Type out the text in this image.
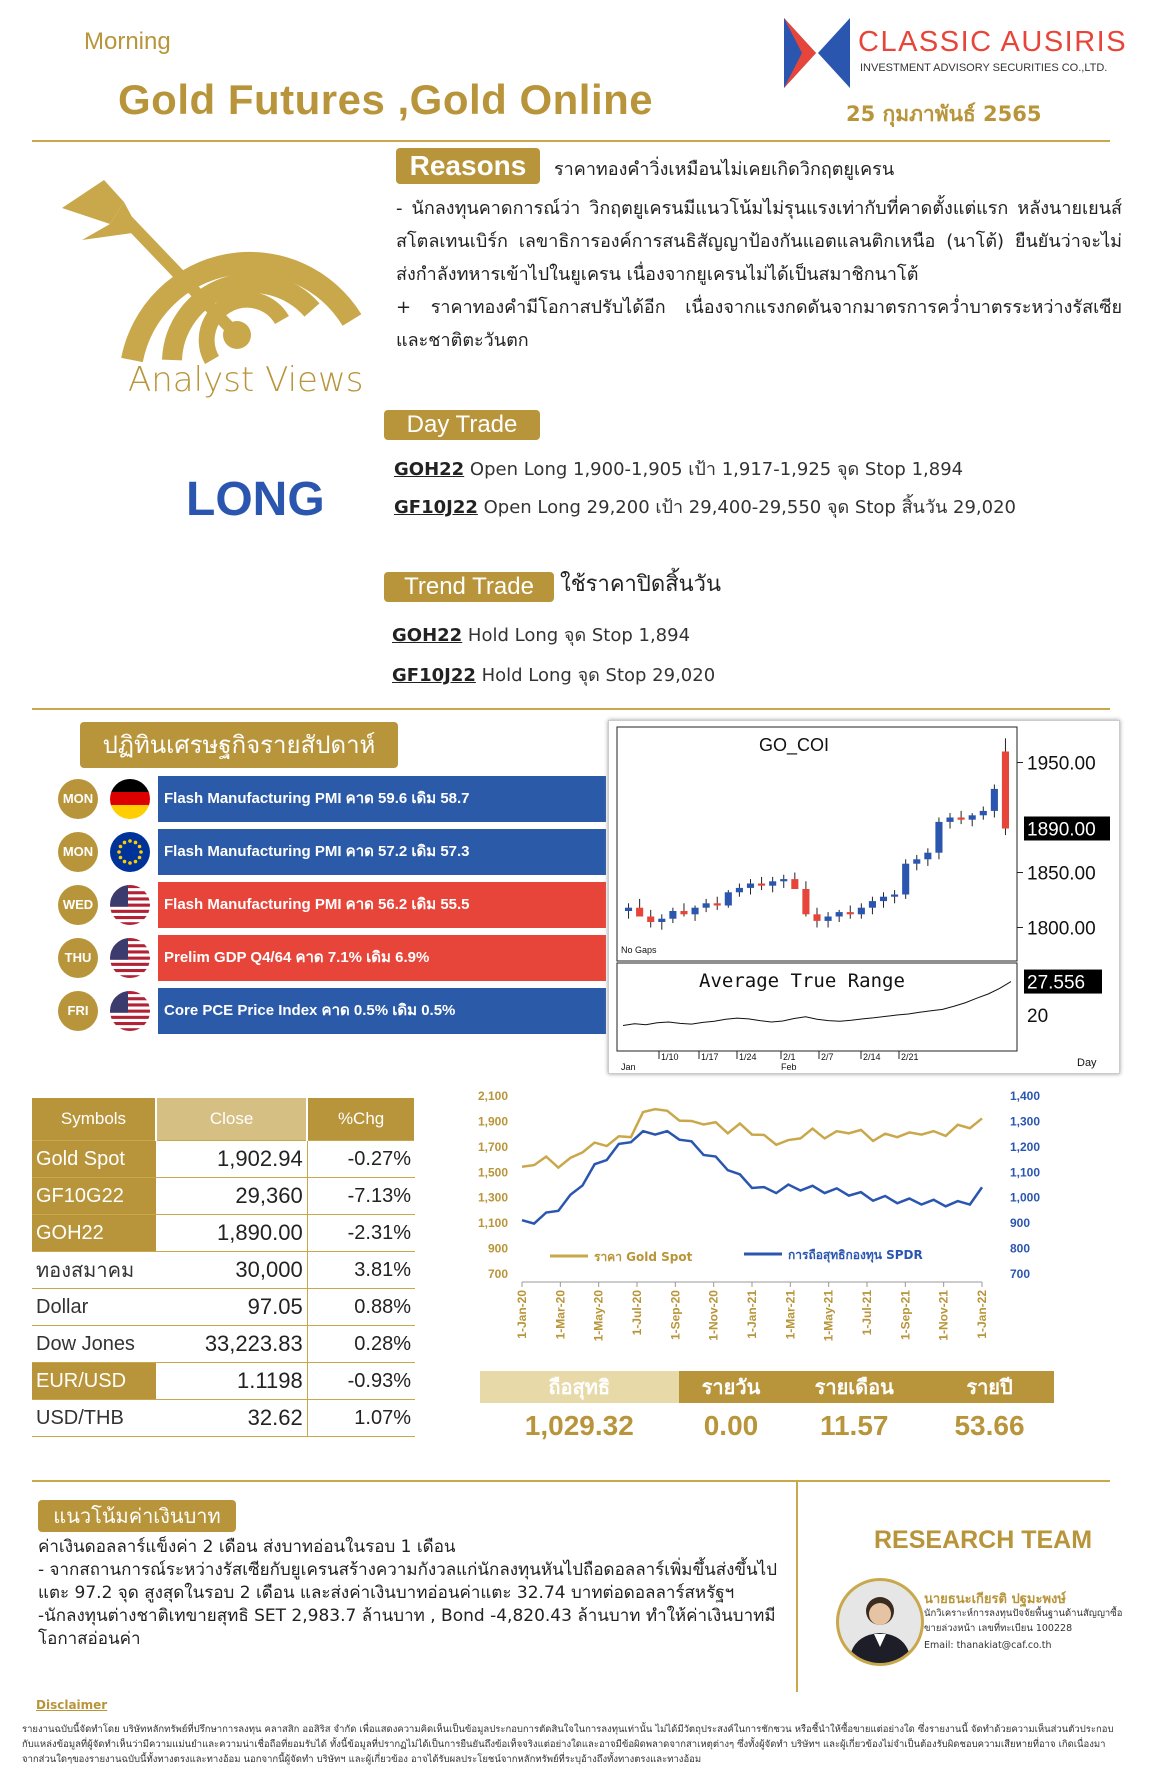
Morning
Gold Futures ,Gold Online
CLASSIC AUSIRIS
INVESTMENT ADVISORY SECURITIES CO.,LTD.
25 กุมภาพันธ์ 2565
Analyst Views
LONG
Reasons	ราคาทองคำวิ่งเหมือนไม่เคยเกิดวิกฤตยูเครน
- นักลงทุนคาดการณ์ว่า วิกฤตยูเครนมีแนวโน้มไม่รุนแรงเท่ากับที่คาดตั้งแต่แรก หลังนายเยนส์ สโตลเทนเบิร์ก เลขาธิการองค์การสนธิสัญญาป้องกันแอตแลนติกเหนือ (นาโต้) ยืนยันว่าจะไม่ส่งกำลังทหารเข้าไปในยูเครน เนื่องจากยูเครนไม่ได้เป็นสมาชิกนาโต้
+ ราคาทองคำมีโอกาสปรับได้อีก เนื่องจากแรงกดดันจากมาตรการคว่ำบาตรระหว่างรัสเซียและชาติตะวันตก
Day Trade
GOH22 Open Long 1,900-1,905 เป้า 1,917-1,925 จุด Stop 1,894
GF10J22 Open Long 29,200 เป้า 29,400-29,550 จุด Stop สิ้นวัน 29,020
Trend Trade	ใช้ราคาปิดสิ้นวัน
GOH22 Hold Long จุด Stop 1,894
GF10J22 Hold Long จุด Stop 29,020
ปฏิทินเศรษฐกิจรายสัปดาห์
MON	Flash Manufacturing PMI คาด 59.6 เดิม 58.7
MON	Flash Manufacturing PMI คาด 57.2 เดิม 57.3
WED	Flash Manufacturing PMI คาด 56.2 เดิม 55.5
THU	Prelim GDP Q4/64 คาด 7.1% เดิม 6.9%
FRI	Core PCE Price Index คาด 0.5% เดิม 0.5%
GO_COI
No Gaps
1950.00
1850.00
1800.00
1890.00
Average True Range	27.556
20
1/10 1/17 1/24	2/1	2/7	2/14 2/21
Jan	Feb	Day
Symbols	Close	%Chg
Gold Spot	1,902.94	-0.27%
GF10G22	29,360	-7.13%
GOH22	1,890.00	-2.31%
ทองสมาคม	30,000	3.81%
Dollar	97.05	0.88%
Dow Jones	33,223.83	0.28%
EUR/USD	1.1198	-0.93%
USD/THB	32.62	1.07%
2,100
1,900
1,700
1,500
1,300
1,100
900
700
1,400
1,300
1,200
1,100
1,000
900
800
700
1-Jan-20 1-Mar-20 1-May-20 1-Jul-20 1-Sep-20 1-Nov-20 1-Jan-21 1-Mar-21 1-May-21 1-Jul-21 1-Sep-21 1-Nov-21 1-Jan-22
ราคา Gold Spot	การถือสุทธิกองทุน SPDR
ถือสุทธิ	รายวัน	รายเดือน	รายปี
1,029.32	0.00	11.57	53.66
แนวโน้มค่าเงินบาท
ค่าเงินดอลลาร์แข็งค่า 2 เดือน ส่งบาทอ่อนในรอบ 1 เดือน
- จากสถานการณ์ระหว่างรัสเซียกับยูเครนสร้างความกังวลแก่นักลงทุนหันไปถือดอลลาร์เพิ่มขึ้นส่งขึ้นไปแตะ 97.2 จุด สูงสุดในรอบ 2 เดือน และส่งค่าเงินบาทอ่อนค่าแตะ 32.74 บาทต่อดอลลาร์สหรัฐฯ
-นักลงทุนต่างชาติเทขายสุทธิ SET 2,983.7 ล้านบาท , Bond -4,820.43 ล้านบาท ทำให้ค่าเงินบาทมีโอกาสอ่อนค่า
RESEARCH TEAM
นายธนะเกียรติ ปฐมะพงษ์
นักวิเคราะห์การลงทุนปัจจัยพื้นฐานด้านสัญญาซื้อขายล่วงหน้า เลขที่ทะเบียน 100228
Email: thanakiat@caf.co.th
Disclaimer
รายงานฉบับนี้จัดทำโดย บริษัทหลักทรัพย์ที่ปรึกษาการลงทุน คลาสสิก ออสิริส จำกัด เพื่อแสดงความคิดเห็นเป็นข้อมูลประกอบการตัดสินใจในการลงทุนเท่านั้น ไม่ได้มีวัตถุประสงค์ในการชักชวน หรือชี้นำให้ซื้อขายแต่อย่างใด ซึ่งรายงานนี้ จัดทำด้วยความเห็นส่วนตัวประกอบกับแหล่งข้อมูลที่ผู้จัดทำเห็นว่ามีความแม่นยำและความน่าเชื่อถือที่ยอมรับได้ ทั้งนี้ข้อมูลที่ปรากฏไม่ได้เป็นการยืนยันถึงข้อเท็จจริงแต่อย่างใดและอาจมีข้อผิดพลาดจากสาเหตุต่างๆ ซึ่งทั้งผู้จัดทำ บริษัทฯ และผู้เกี่ยวข้องไม่จำเป็นต้องรับผิดชอบความเสียหายที่อาจ เกิดเนื่องมาจากส่วนใดๆของรายงานฉบับนี้ทั้งทางตรงและทางอ้อม นอกจากนี้ผู้จัดทำ บริษัทฯ และผู้เกี่ยวข้อง อาจได้รับผลประโยชน์จากหลักทรัพย์ที่ระบุอ้างถึงทั้งทางตรงและทางอ้อม
